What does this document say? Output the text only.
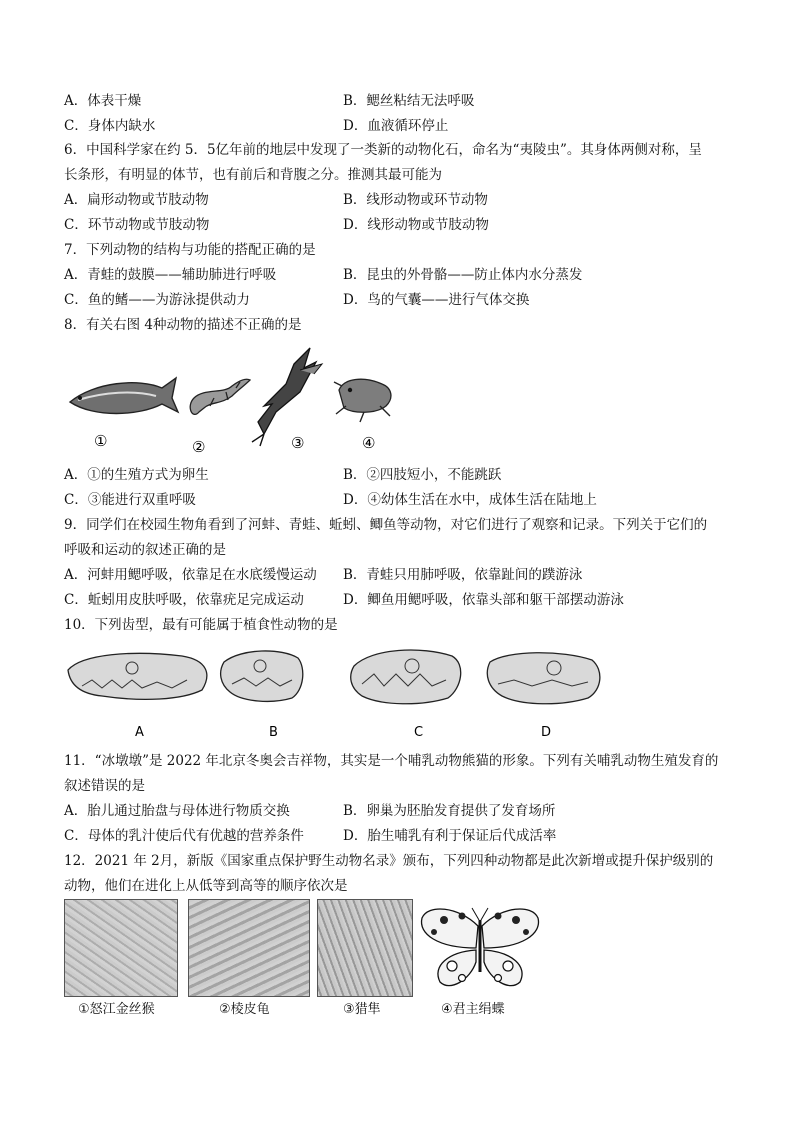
A．体表干燥	B．鳃丝粘结无法呼吸
C．身体内缺水	D．血液循环停止
6．中国科学家在约 5．5亿年前的地层中发现了一类新的动物化石，命名为“夷陵虫”。其身体两侧对称，呈
长条形，有明显的体节，也有前后和背腹之分。推测其最可能为
A．扁形动物或节肢动物	B．线形动物或环节动物
C．环节动物或节肢动物	D．线形动物或节肢动物
7．下列动物的结构与功能的搭配正确的是
A．青蛙的鼓膜——辅助肺进行呼吸	B．昆虫的外骨骼——防止体内水分蒸发
C．鱼的鳍——为游泳提供动力	D．鸟的气囊——进行气体交换
8．有关右图 4种动物的描述不正确的是
①	②	③	④
A．①的生殖方式为卵生	B．②四肢短小，不能跳跃
C．③能进行双重呼吸	D．④幼体生活在水中，成体生活在陆地上
9．同学们在校园生物角看到了河蚌、青蛙、蚯蚓、鲫鱼等动物，对它们进行了观察和记录。下列关于它们的
呼吸和运动的叙述正确的是
A．河蚌用鳃呼吸，依靠足在水底缓慢运动 B．青蛙只用肺呼吸，依靠趾间的蹼游泳
C．蚯蚓用皮肤呼吸，依靠疣足完成运动	D．鲫鱼用鳃呼吸，依靠头部和躯干部摆动游泳
10．下列齿型，最有可能属于植食性动物的是
A	B	C	D
11．“冰墩墩”是 2022 年北京冬奥会吉祥物，其实是一个哺乳动物熊猫的形象。下列有关哺乳动物生殖发育的
叙述错误的是
A．胎儿通过胎盘与母体进行物质交换	B．卵巢为胚胎发育提供了发育场所
C．母体的乳汁使后代有优越的营养条件	D．胎生哺乳有利于保证后代成活率
12．2021 年 2月，新版《国家重点保护野生动物名录》颁布，下列四种动物都是此次新增或提升保护级别的
动物，他们在进化上从低等到高等的顺序依次是
①怒江金丝猴	②棱皮龟	③猎隼	④君主绢蝶
